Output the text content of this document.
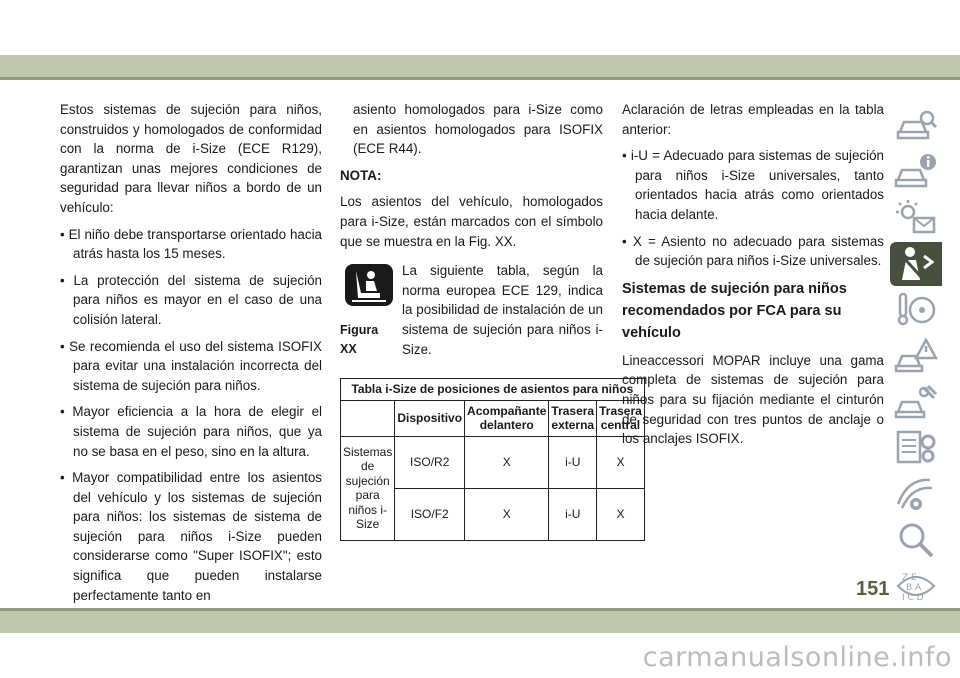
Estos sistemas de sujeción para niños, construidos y homologados de conformidad con la norma de i-Size (ECE R129), garantizan unas mejores condiciones de seguridad para llevar niños a bordo de un vehículo:

• El niño debe transportarse orientado hacia atrás hasta los 15 meses.

• La protección del sistema de sujeción para niños es mayor en el caso de una colisión lateral.

• Se recomienda el uso del sistema ISOFIX para evitar una instalación incorrecta del sistema de sujeción para niños.

• Mayor eficiencia a la hora de elegir el sistema de sujeción para niños, que ya no se basa en el peso, sino en la altura.

• Mayor compatibilidad entre los asientos del vehículo y los sistemas de sujeción para niños: los sistemas de sistema de sujeción para niños i-Size pueden considerarse como "Super ISOFIX"; esto significa que pueden instalarse perfectamente tanto en

asiento homologados para i-Size como en asientos homologados para ISOFIX (ECE R44).

NOTA:

Los asientos del vehículo, homologados para i-Size, están marcados con el símbolo que se muestra en la Fig. XX.

Figura XX

La siguiente tabla, según la norma europea ECE 129, indica la posibilidad de instalación de un sistema de sujeción para niños i-Size.

Tabla i-Size de posiciones de asientos para niños				
	Dispositivo	Acompañante delantero	Trasera externa	Trasera central
Sistemas de sujeción para niños i-Size	ISO/R2	X	i-U	X
	ISO/F2	X	i-U	X

Aclaración de letras empleadas en la tabla anterior:

• i-U = Adecuado para sistemas de sujeción para niños i-Size universales, tanto orientados hacia atrás como orientados hacia delante.

• X = Asiento no adecuado para sistemas de sujeción para niños i-Size universales.

Sistemas de sujeción para niños recomendados por FCA para su vehículo

Lineaccessori MOPAR incluye una gama completa de sistemas de sujeción para niños para su fijación mediante el cinturón de seguridad con tres puntos de anclaje o los anclajes ISOFIX.

Z E
B A
I C D
151
carmanualsonline.info
